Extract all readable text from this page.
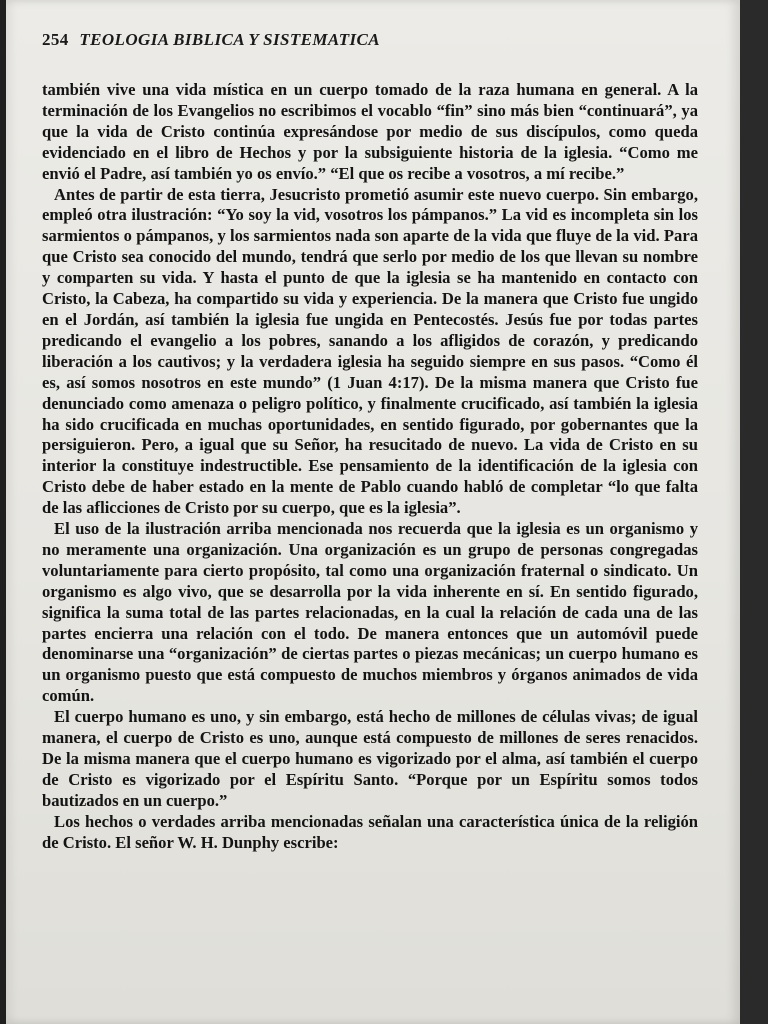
254 TEOLOGIA BIBLICA Y SISTEMATICA

también vive una vida mística en un cuerpo tomado de la raza humana en general. A la terminación de los Evangelios no escribimos el vocablo “fin” sino más bien “continuará”, ya que la vida de Cristo continúa expresándose por medio de sus discípulos, como queda evidenciado en el libro de Hechos y por la subsiguiente historia de la iglesia. “Como me envió el Padre, así también yo os envío.” “El que os recibe a vosotros, a mí recibe.”

Antes de partir de esta tierra, Jesucristo prometió asumir este nuevo cuerpo. Sin embargo, empleó otra ilustración: “Yo soy la vid, vosotros los pámpanos.” La vid es incompleta sin los sarmientos o pámpanos, y los sarmientos nada son aparte de la vida que fluye de la vid. Para que Cristo sea conocido del mundo, tendrá que serlo por medio de los que llevan su nombre y comparten su vida. Y hasta el punto de que la iglesia se ha mantenido en contacto con Cristo, la Cabeza, ha compartido su vida y experiencia. De la manera que Cristo fue ungido en el Jordán, así también la iglesia fue ungida en Pentecostés. Jesús fue por todas partes predicando el evangelio a los pobres, sanando a los afligidos de corazón, y predicando liberación a los cautivos; y la verdadera iglesia ha seguido siempre en sus pasos. “Como él es, así somos nosotros en este mundo” (1 Juan 4:17). De la misma manera que Cristo fue denunciado como amenaza o peligro político, y finalmente crucificado, así también la iglesia ha sido crucificada en muchas oportunidades, en sentido figurado, por gobernantes que la persiguieron. Pero, a igual que su Señor, ha resucitado de nuevo. La vida de Cristo en su interior la constituye indestructible. Ese pensamiento de la identificación de la iglesia con Cristo debe de haber estado en la mente de Pablo cuando habló de completar “lo que falta de las aflicciones de Cristo por su cuerpo, que es la iglesia”.

El uso de la ilustración arriba mencionada nos recuerda que la iglesia es un organismo y no meramente una organización. Una organización es un grupo de personas congregadas voluntariamente para cierto propósito, tal como una organización fraternal o sindicato. Un organismo es algo vivo, que se desarrolla por la vida inherente en sí. En sentido figurado, significa la suma total de las partes relacionadas, en la cual la relación de cada una de las partes encierra una relación con el todo. De manera entonces que un automóvil puede denominarse una “organización” de ciertas partes o piezas mecánicas; un cuerpo humano es un organismo puesto que está compuesto de muchos miembros y órganos animados de vida común.

El cuerpo humano es uno, y sin embargo, está hecho de millones de células vivas; de igual manera, el cuerpo de Cristo es uno, aunque está compuesto de millones de seres renacidos. De la misma manera que el cuerpo humano es vigorizado por el alma, así también el cuerpo de Cristo es vigorizado por el Espíritu Santo. “Porque por un Espíritu somos todos bautizados en un cuerpo.”

Los hechos o verdades arriba mencionadas señalan una característica única de la religión de Cristo. El señor W. H. Dunphy escribe:
